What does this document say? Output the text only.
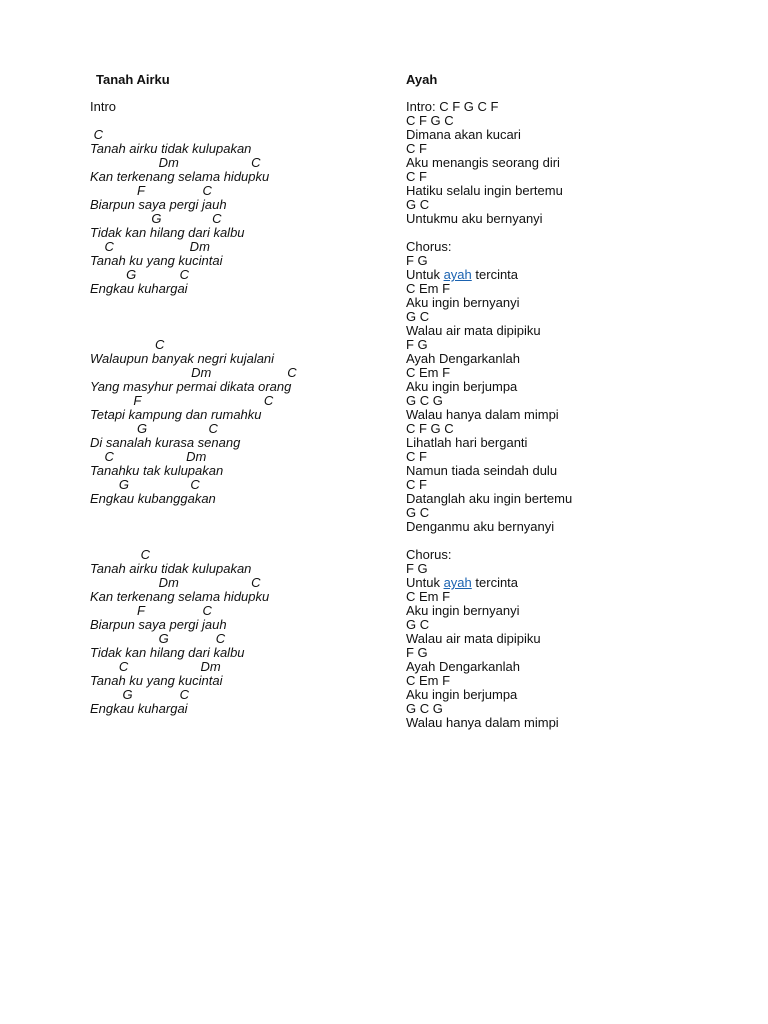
Tanah Airku
Intro
C
Tanah airku tidak kulupakan
Dm                    C
Kan terkenang selama hidupku
F                C
Biarpun saya pergi jauh
G              C
Tidak kan hilang dari kalbu
C                     Dm
Tanah ku yang kucintai
G            C
Engkau kuhargai
C
Walaupun banyak negri kujalani
Dm                     C
Yang masyhur permai dikata orang
F                                  C
Tetapi kampung dan rumahku
G                 C
Di sanalah kurasa senang
C                    Dm
Tanahku tak kulupakan
G                 C
Engkau kubanggakan
C
Tanah airku tidak kulupakan
Dm                    C
Kan terkenang selama hidupku
F                C
Biarpun saya pergi jauh
G             C
Tidak kan hilang dari kalbu
C                    Dm
Tanah ku yang kucintai
G             C
Engkau kuhargai
Ayah
Intro: C F G C F
C F G C
Dimana akan kucari
C F
Aku menangis seorang diri
C F
Hatiku selalu ingin bertemu
G C
Untukmu aku bernyanyi
Chorus:
F G
Untuk ayah tercinta
C Em F
Aku ingin bernyanyi
G C
Walau air mata dipipiku
F G
Ayah Dengarkanlah
C Em F
Aku ingin berjumpa
G C G
Walau hanya dalam mimpi
C F G C
Lihatlah hari berganti
C F
Namun tiada seindah dulu
C F
Datanglah aku ingin bertemu
G C
Denganmu aku bernyanyi
Chorus:
F G
Untuk ayah tercinta
C Em F
Aku ingin bernyanyi
G C
Walau air mata dipipiku
F G
Ayah Dengarkanlah
C Em F
Aku ingin berjumpa
G C G
Walau hanya dalam mimpi
